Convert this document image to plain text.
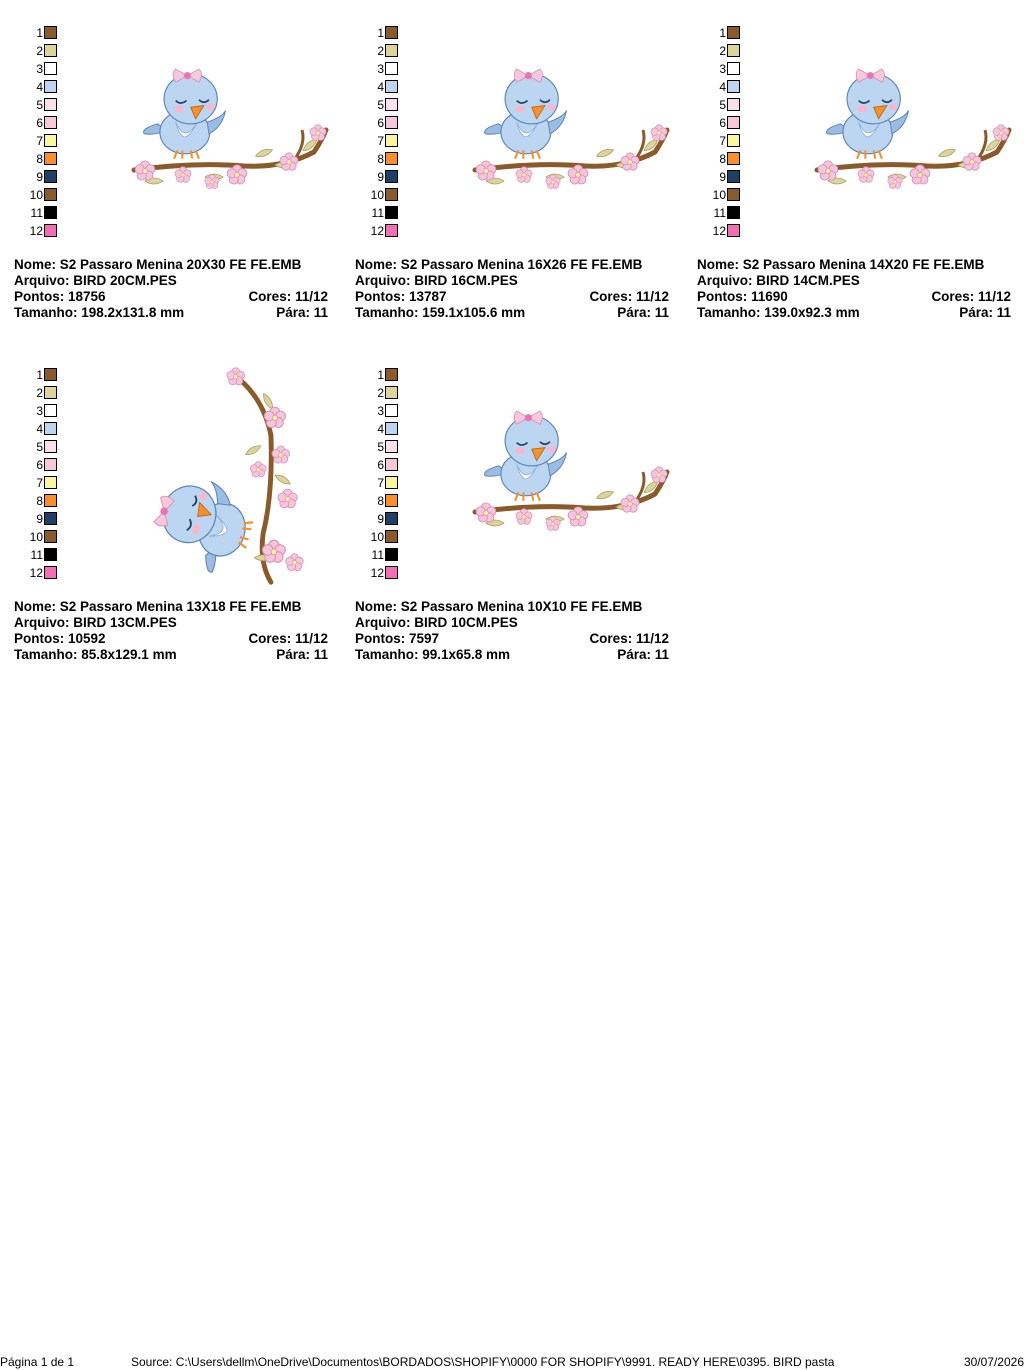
1
2
3
4
5
6
7
8
9
10
11
12
Nome: S2 Passaro Menina 20X30 FE FE.EMB
Arquivo: BIRD 20CM.PES
Pontos: 18756	Cores: 11/12
Tamanho: 198.2x131.8 mm	Pára: 11
1
2
3
4
5
6
7
8
9
10
11
12
Nome: S2 Passaro Menina 16X26 FE FE.EMB
Arquivo: BIRD 16CM.PES
Pontos: 13787	Cores: 11/12
Tamanho: 159.1x105.6 mm	Pára: 11
1
2
3
4
5
6
7
8
9
10
11
12
Nome: S2 Passaro Menina 14X20 FE FE.EMB
Arquivo: BIRD 14CM.PES
Pontos: 11690	Cores: 11/12
Tamanho: 139.0x92.3 mm	Pára: 11
1
2
3
4
5
6
7
8
9
10
11
12
Nome: S2 Passaro Menina 13X18 FE FE.EMB
Arquivo: BIRD 13CM.PES
Pontos: 10592	Cores: 11/12
Tamanho: 85.8x129.1 mm	Pára: 11
1
2
3
4
5
6
7
8
9
10
11
12
Nome: S2 Passaro Menina 10X10 FE FE.EMB
Arquivo: BIRD 10CM.PES
Pontos: 7597	Cores: 11/12
Tamanho: 99.1x65.8 mm	Pára: 11
Página 1 de 1	Source: C:\Users\dellm\OneDrive\Documentos\BORDADOS\SHOPIFY\0000 FOR SHOPIFY\9991. READY HERE\0395. BIRD pasta	30/07/2026
